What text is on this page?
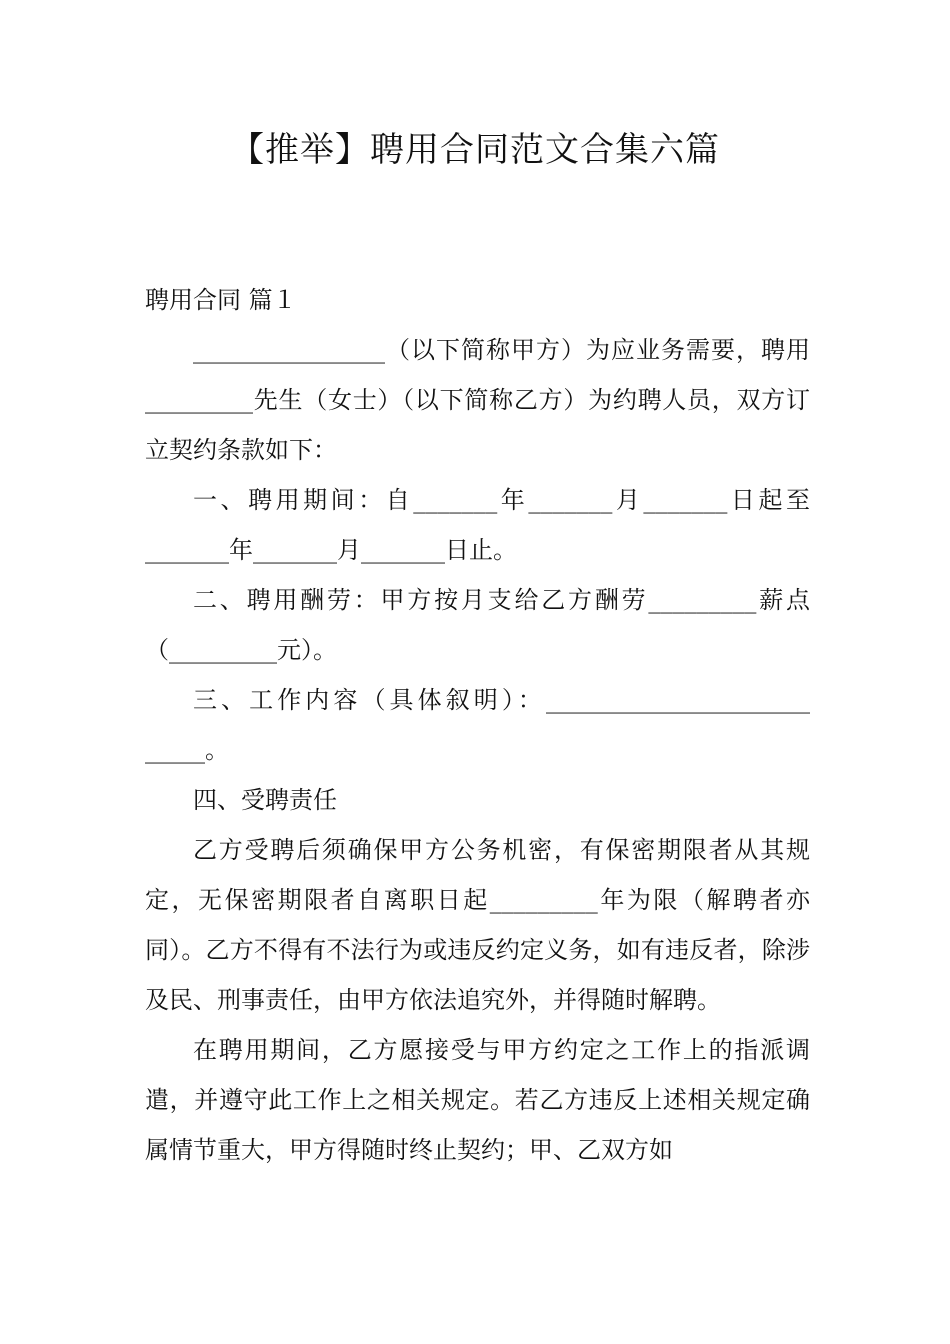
【推举】聘用合同范文合集六篇

聘用合同 篇１

________________（以下简称甲方）为应业务需要，聘用_________先生（女士）（以下简称乙方）为约聘人员，双方订立契约条款如下：

一、聘用期间：自_______年_______月_______日起至_______年_______月_______日止。

二、聘用酬劳：甲方按月支给乙方酬劳_________薪点（_________元）。

三、工作内容（具体叙明）：______________________ _____。

四、受聘责任

乙方受聘后须确保甲方公务机密，有保密期限者从其规定，无保密期限者自离职日起_________年为限（解聘者亦同）。乙方不得有不法行为或违反约定义务，如有违反者，除涉及民、刑事责任，由甲方依法追究外，并得随时解聘。

在聘用期间，乙方愿接受与甲方约定之工作上的指派调遣，并遵守此工作上之相关规定。若乙方违反上述相关规定确属情节重大，甲方得随时终止契约；甲、乙双方如
